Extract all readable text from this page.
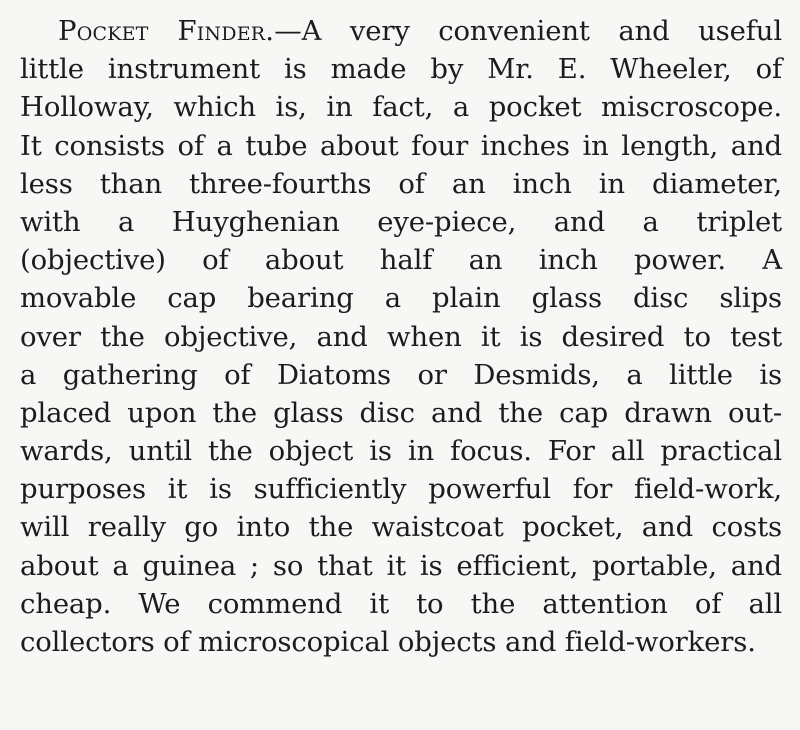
Pocket Finder.—A very convenient and useful
little instrument is made by Mr. E. Wheeler, of
Holloway, which is, in fact, a pocket miscroscope.
It consists of a tube about four inches in length, and
less than three-fourths of an inch in diameter,
with a Huyghenian eye-piece, and a triplet
(objective) of about half an inch power. A
movable cap bearing a plain glass disc slips
over the objective, and when it is desired to test
a gathering of Diatoms or Desmids, a little is
placed upon the glass disc and the cap drawn out-
wards, until the object is in focus. For all practical
purposes it is sufficiently powerful for field-work,
will really go into the waistcoat pocket, and costs
about a guinea ; so that it is efficient, portable, and
cheap. We commend it to the attention of all
collectors of microscopical objects and field-workers.
